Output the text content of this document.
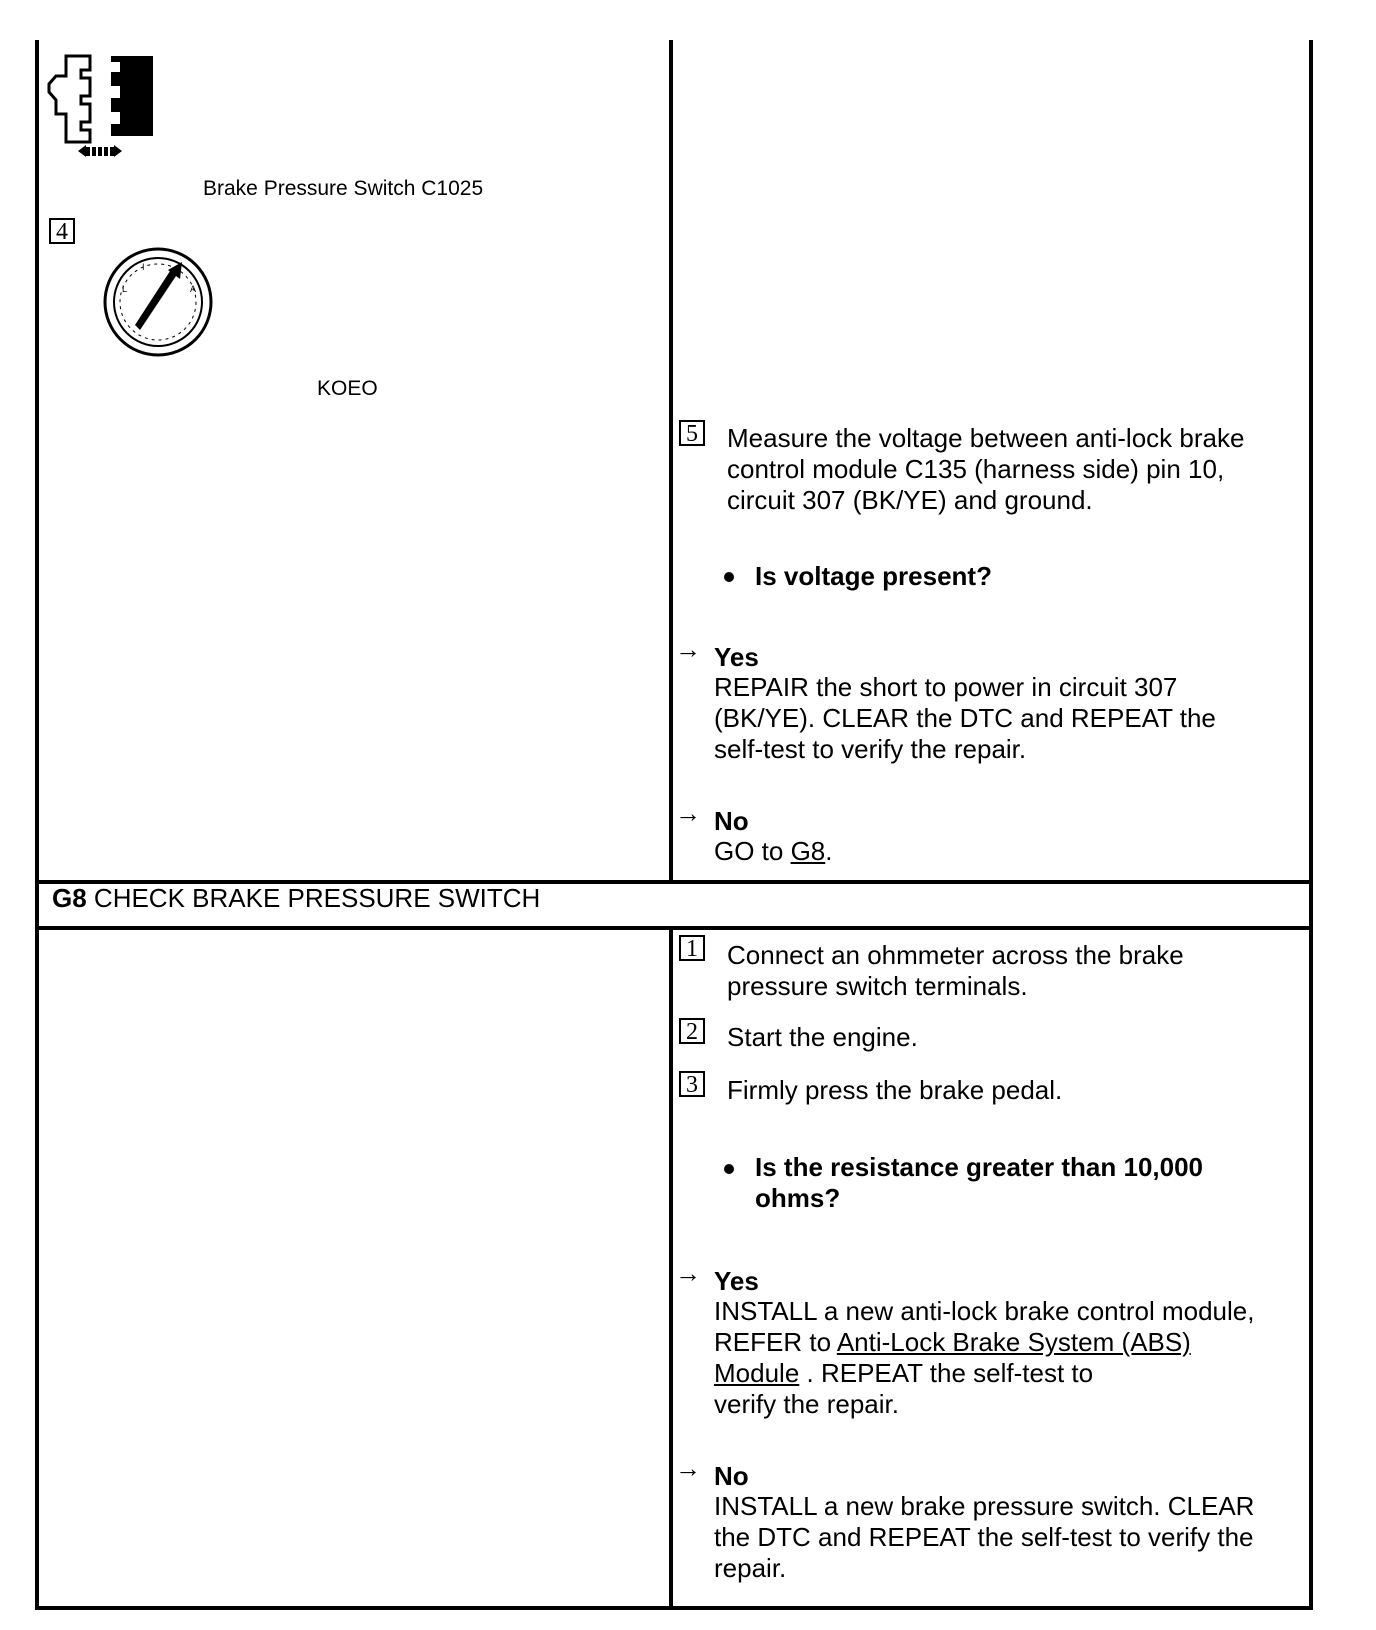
Brake Pressure Switch C1025
4
L
I
A
KOEO
5 Measure the voltage between anti-lock brake
control module C135 (harness side) pin 10,
circuit 307 (BK/YE) and ground.
Is voltage present?
→ Yes
REPAIR the short to power in circuit 307
(BK/YE). CLEAR the DTC and REPEAT the
self-test to verify the repair.
→ No
GO to G8.
G8 CHECK BRAKE PRESSURE SWITCH
1 Connect an ohmmeter across the brake
pressure switch terminals.
2 Start the engine.
3 Firmly press the brake pedal.
Is the resistance greater than 10,000
ohms?
→ Yes
INSTALL a new anti-lock brake control module,
REFER to Anti-Lock Brake System (ABS)
Module . REPEAT the self-test to
verify the repair.
→ No
INSTALL a new brake pressure switch. CLEAR
the DTC and REPEAT the self-test to verify the
repair.
